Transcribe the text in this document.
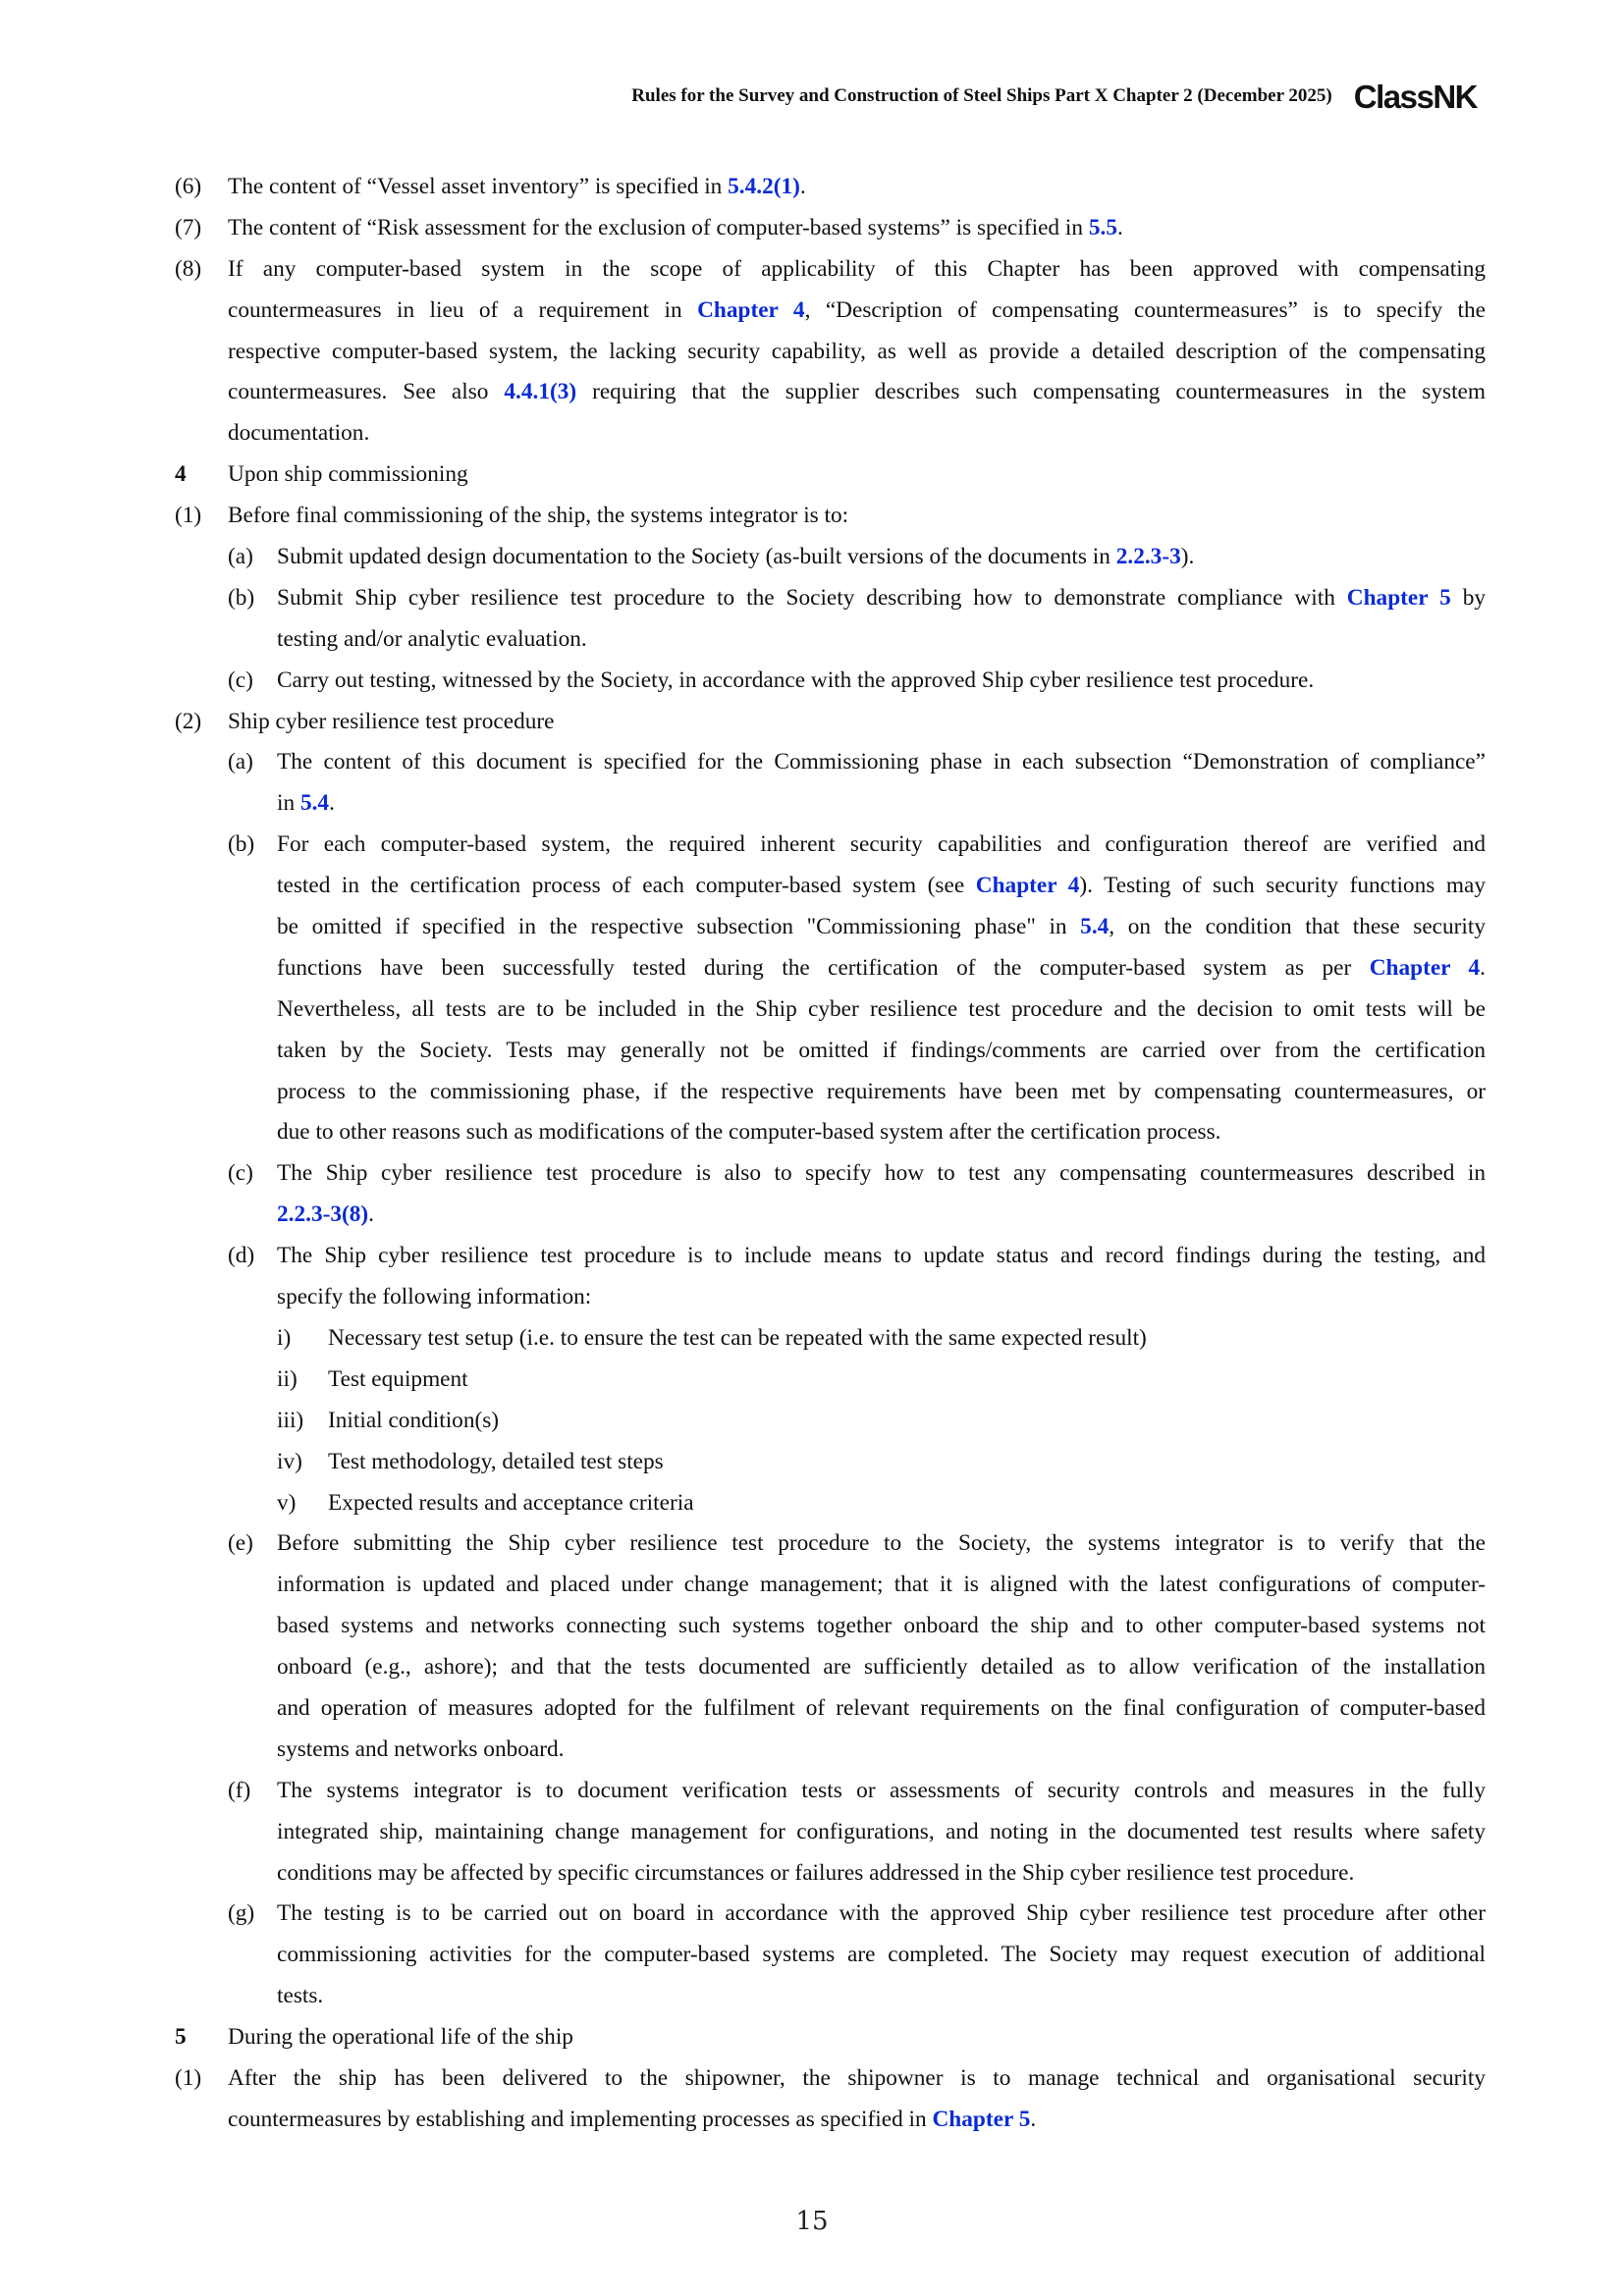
Rules for the Survey and Construction of Steel Ships Part X Chapter 2 (December 2025) ClassNK
(6) The content of “Vessel asset inventory” is specified in 5.4.2(1).
(7) The content of “Risk assessment for the exclusion of computer-based systems” is specified in 5.5.
(8) If any computer-based system in the scope of applicability of this Chapter has been approved with compensating
countermeasures in lieu of a requirement in Chapter 4, “Description of compensating countermeasures” is to specify the
respective computer-based system, the lacking security capability, as well as provide a detailed description of the compensating
countermeasures. See also 4.4.1(3) requiring that the supplier describes such compensating countermeasures in the system
documentation.
4 Upon ship commissioning
(1) Before final commissioning of the ship, the systems integrator is to:
(a) Submit updated design documentation to the Society (as-built versions of the documents in 2.2.3-3).
(b) Submit Ship cyber resilience test procedure to the Society describing how to demonstrate compliance with Chapter 5 by
testing and/or analytic evaluation.
(c) Carry out testing, witnessed by the Society, in accordance with the approved Ship cyber resilience test procedure.
(2) Ship cyber resilience test procedure
(a) The content of this document is specified for the Commissioning phase in each subsection “Demonstration of compliance”
in 5.4.
(b) For each computer-based system, the required inherent security capabilities and configuration thereof are verified and
tested in the certification process of each computer-based system (see Chapter 4). Testing of such security functions may
be omitted if specified in the respective subsection "Commissioning phase" in 5.4, on the condition that these security
functions have been successfully tested during the certification of the computer-based system as per Chapter 4.
Nevertheless, all tests are to be included in the Ship cyber resilience test procedure and the decision to omit tests will be
taken by the Society. Tests may generally not be omitted if findings/comments are carried over from the certification
process to the commissioning phase, if the respective requirements have been met by compensating countermeasures, or
due to other reasons such as modifications of the computer-based system after the certification process.
(c) The Ship cyber resilience test procedure is also to specify how to test any compensating countermeasures described in
2.2.3-3(8).
(d) The Ship cyber resilience test procedure is to include means to update status and record findings during the testing, and
specify the following information:
i) Necessary test setup (i.e. to ensure the test can be repeated with the same expected result)
ii) Test equipment
iii) Initial condition(s)
iv) Test methodology, detailed test steps
v) Expected results and acceptance criteria
(e) Before submitting the Ship cyber resilience test procedure to the Society, the systems integrator is to verify that the
information is updated and placed under change management; that it is aligned with the latest configurations of computer-
based systems and networks connecting such systems together onboard the ship and to other computer-based systems not
onboard (e.g., ashore); and that the tests documented are sufficiently detailed as to allow verification of the installation
and operation of measures adopted for the fulfilment of relevant requirements on the final configuration of computer-based
systems and networks onboard.
(f) The systems integrator is to document verification tests or assessments of security controls and measures in the fully
integrated ship, maintaining change management for configurations, and noting in the documented test results where safety
conditions may be affected by specific circumstances or failures addressed in the Ship cyber resilience test procedure.
(g) The testing is to be carried out on board in accordance with the approved Ship cyber resilience test procedure after other
commissioning activities for the computer-based systems are completed. The Society may request execution of additional
tests.
5 During the operational life of the ship
(1) After the ship has been delivered to the shipowner, the shipowner is to manage technical and organisational security
countermeasures by establishing and implementing processes as specified in Chapter 5.
15
